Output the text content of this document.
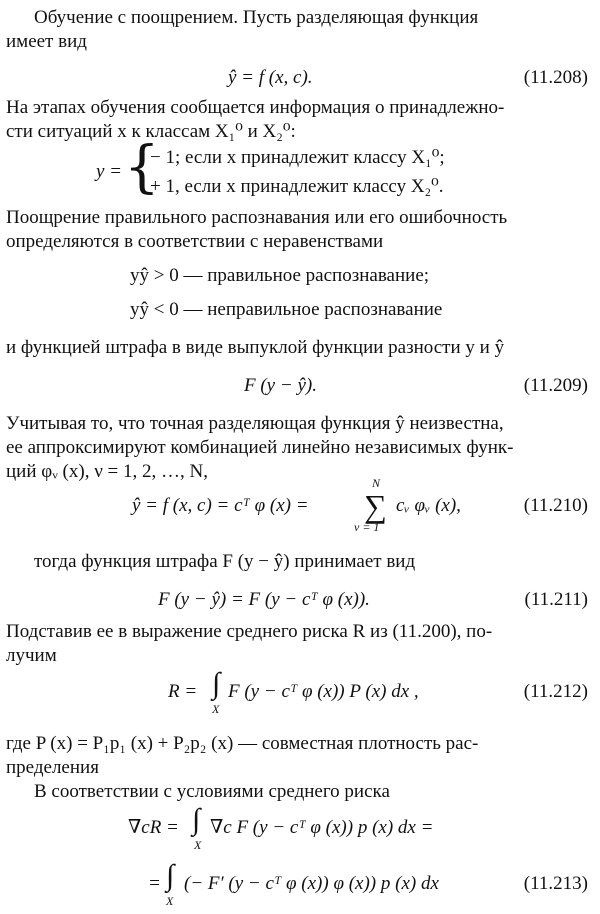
Обучение с поощрением. Пусть разделяющая функция
имеет вид
ŷ = f (x, c).	(11.208)
На этапах обучения сообщается информация о принадлежно-
сти ситуаций x к классам X₁⁰ и X₂⁰:
y = {
− 1; если x принадлежит классу X₁⁰;
+ 1, если x принадлежит классу X₂⁰.
Поощрение правильного распознавания или его ошибочность
определяются в соответствии с неравенствами
yŷ > 0 — правильное распознавание;
yŷ < 0 — неправильное распознавание
и функцией штрафа в виде выпуклой функции разности y и ŷ
F (y − ŷ).	(11.209)
Учитывая то, что точная разделяющая функция ŷ неизвестна,
ее аппроксимируют комбинацией линейно независимых функ-
ций φᵥ (x), ν = 1, 2, …, N,
ŷ = f (x, c) = cᵀ φ (x) =
N
∑
ν = 1
cᵥ φᵥ (x),	(11.210)
тогда функция штрафа F (y − ŷ) принимает вид
F (y − ŷ) = F (y − cᵀ φ (x)).	(11.211)
Подставив ее в выражение среднего риска R из (11.200), по-
лучим
R = ∫
X
F (y − cᵀ φ (x)) P (x) dx ,	(11.212)
где P (x) = P₁p₁ (x) + P₂p₂ (x) — совместная плотность рас-
пределения
В соответствии с условиями среднего риска
∇cR = ∫
X
∇c F (y − cᵀ φ (x)) p (x) dx =
= ∫
X
(− F′ (y − cᵀ φ (x)) φ (x)) p (x) dx	(11.213)
